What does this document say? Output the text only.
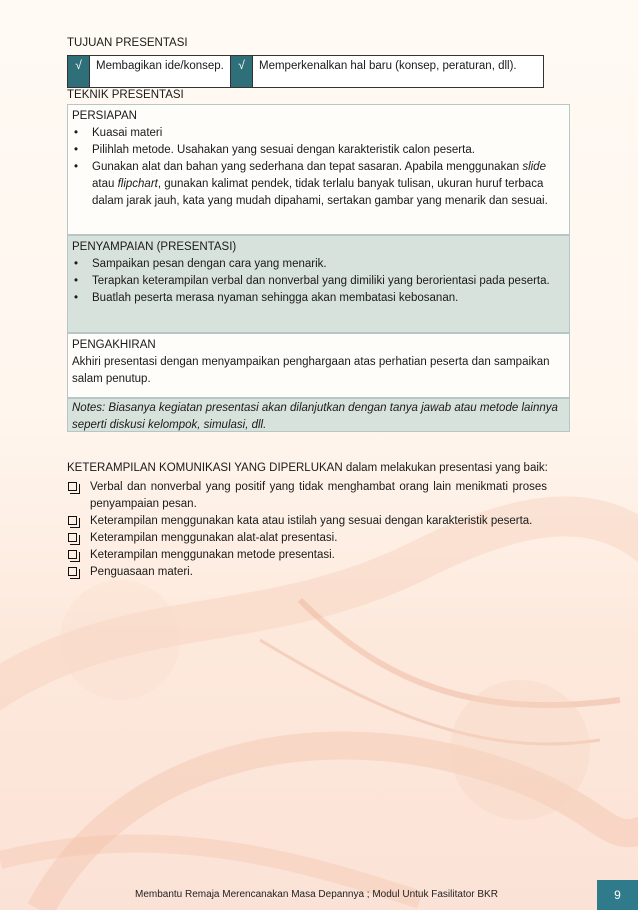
TUJUAN PRESENTASI
√	Membagikan ide/konsep.	√	Memperkenalkan hal baru (konsep, peraturan, dll).
TEKNIK PRESENTASI
PERSIAPAN
• Kuasai materi
• Pilihlah metode. Usahakan yang sesuai dengan karakteristik calon peserta.
• Gunakan alat dan bahan yang sederhana dan tepat sasaran. Apabila menggunakan slide atau flipchart, gunakan kalimat pendek, tidak terlalu banyak tulisan, ukuran huruf terbaca dalam jarak jauh, kata yang mudah dipahami, sertakan gambar yang menarik dan sesuai.
PENYAMPAIAN (PRESENTASI)
• Sampaikan pesan dengan cara yang menarik.
• Terapkan keterampilan verbal dan nonverbal yang dimiliki yang berorientasi pada peserta.
• Buatlah peserta merasa nyaman sehingga akan membatasi kebosanan.
PENGAKHIRAN
Akhiri presentasi dengan menyampaikan penghargaan atas perhatian peserta dan sampaikan salam penutup.
Notes: Biasanya kegiatan presentasi akan dilanjutkan dengan tanya jawab atau metode lainnya seperti diskusi kelompok, simulasi, dll.
KETERAMPILAN KOMUNIKASI YANG DIPERLUKAN dalam melakukan presentasi yang baik:
Verbal dan nonverbal yang positif yang tidak menghambat orang lain menikmati proses penyampaian pesan.
Keterampilan menggunakan kata atau istilah yang sesuai dengan karakteristik peserta.
Keterampilan menggunakan alat-alat presentasi.
Keterampilan menggunakan metode presentasi.
Penguasaan materi.
Membantu Remaja Merencanakan Masa Depannya ; Modul Untuk Fasilitator BKR	9
